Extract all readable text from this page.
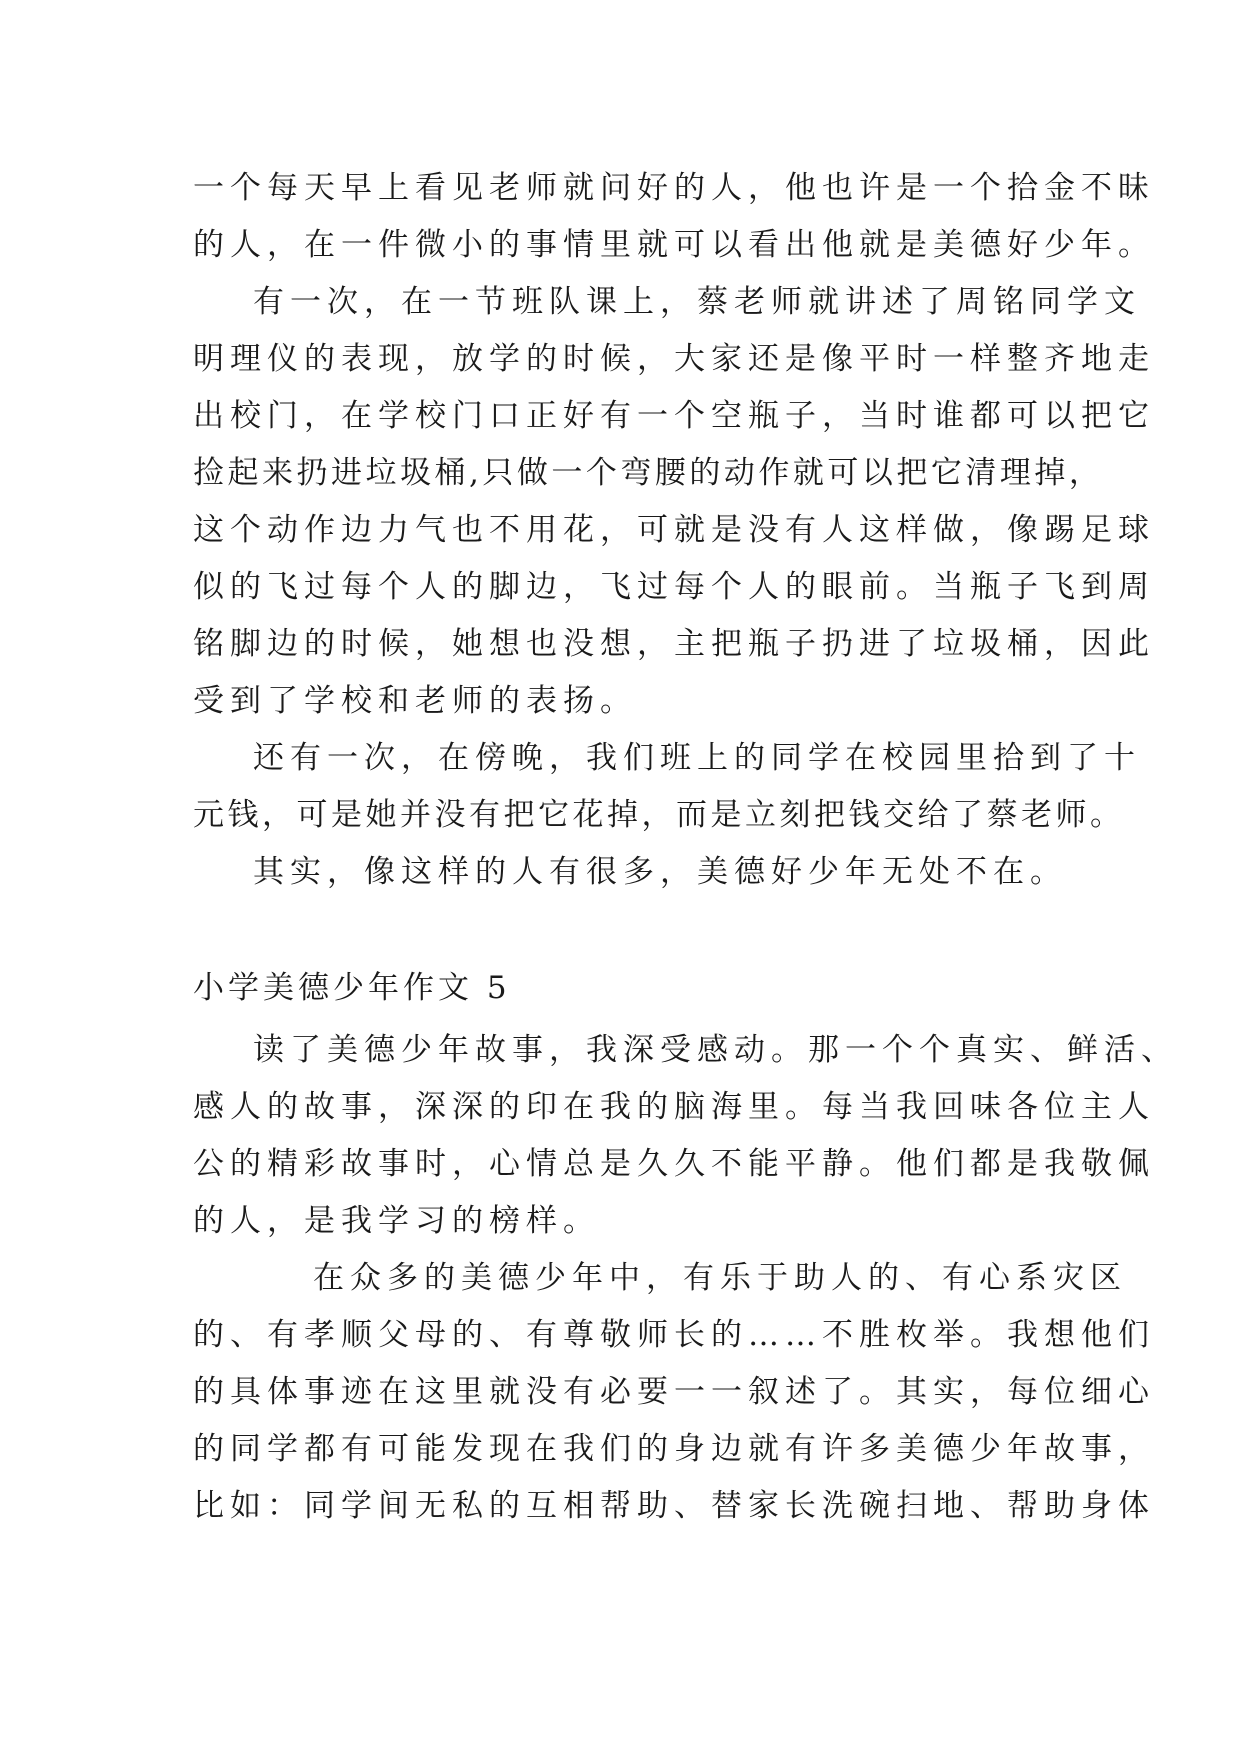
一个每天早上看见老师就问好的人，他也许是一个拾金不昧
的人，在一件微小的事情里就可以看出他就是美德好少年。
有一次，在一节班队课上，蔡老师就讲述了周铭同学文
明理仪的表现，放学的时候，大家还是像平时一样整齐地走
出校门，在学校门口正好有一个空瓶子，当时谁都可以把它
捡起来扔进垃圾桶,只做一个弯腰的动作就可以把它清理掉，
这个动作边力气也不用花，可就是没有人这样做，像踢足球
似的飞过每个人的脚边，飞过每个人的眼前。当瓶子飞到周
铭脚边的时候，她想也没想，主把瓶子扔进了垃圾桶，因此
受到了学校和老师的表扬。
还有一次，在傍晚，我们班上的同学在校园里拾到了十
元钱，可是她并没有把它花掉，而是立刻把钱交给了蔡老师。
其实，像这样的人有很多，美德好少年无处不在。
小学美德少年作文 5
读了美德少年故事，我深受感动。那一个个真实、鲜活、
感人的故事，深深的印在我的脑海里。每当我回味各位主人
公的精彩故事时，心情总是久久不能平静。他们都是我敬佩
的人，是我学习的榜样。
在众多的美德少年中，有乐于助人的、有心系灾区
的、有孝顺父母的、有尊敬师长的……不胜枚举。我想他们
的具体事迹在这里就没有必要一一叙述了。其实，每位细心
的同学都有可能发现在我们的身边就有许多美德少年故事，
比如：同学间无私的互相帮助、替家长洗碗扫地、帮助身体
